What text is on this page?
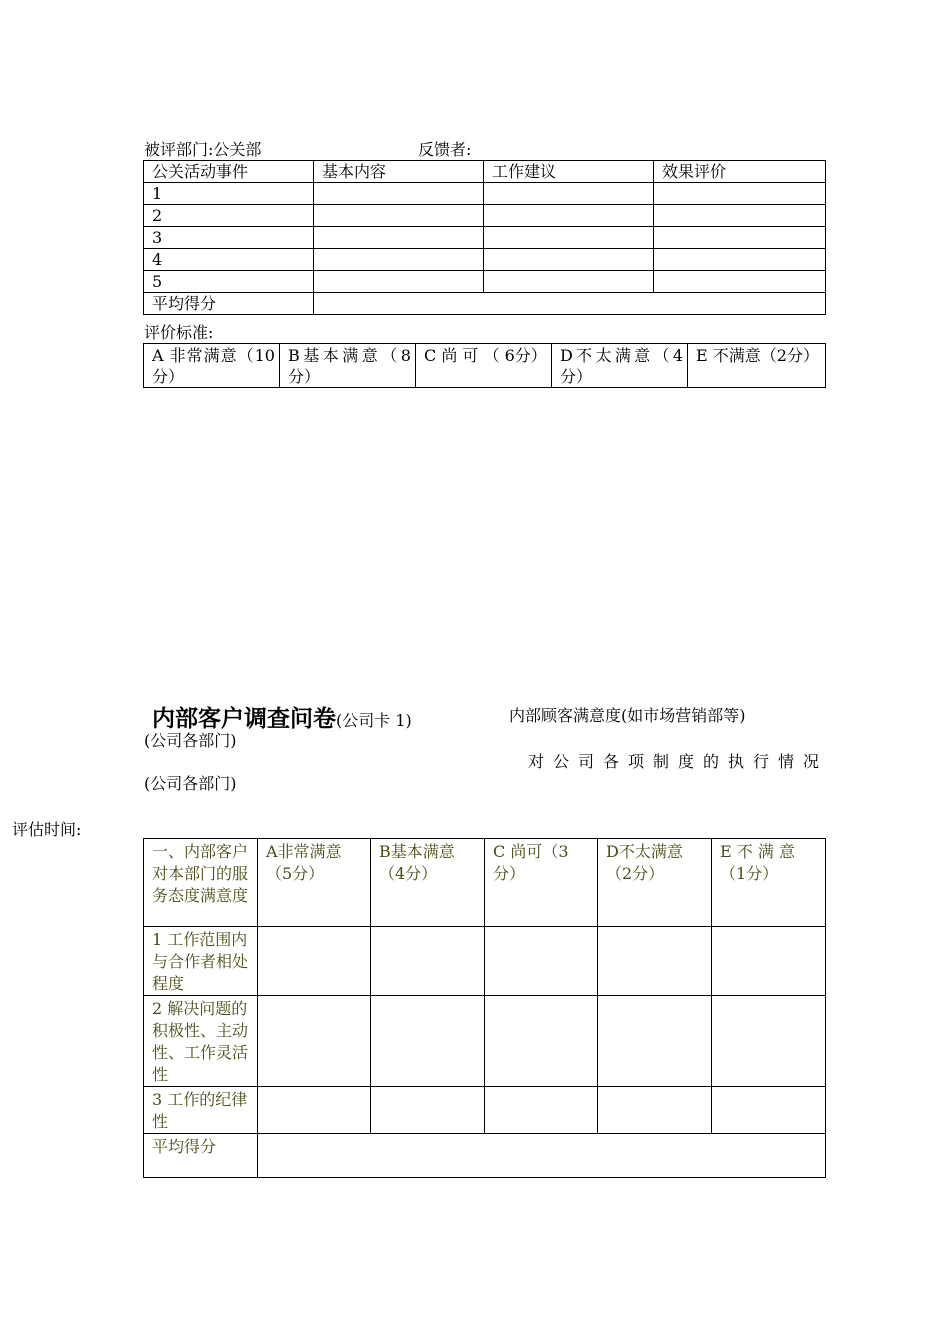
被评部门:公关部	反馈者:
公关活动事件	基本内容	工作建议	效果评价
1			
2			
3			
4			
5			
平均得分			
评价标准:
A 非常满意（10分）	B基本满意（8分）	C 尚 可 （ 6分）	D不太满意（4分）	E 不满意（2分）
内部客户调查问卷(公司卡 1)	内部顾客满意度(如市场营销部等)
(公司各部门)
对公司各项制度的执行情况
(公司各部门)
评估时间:
一、内部客户对本部门的服务态度满意度	A非常满意（5分）	B基本满意（4分）	C 尚可（3分）	D不太满意（2分）	E 不 满 意（1分）
1 工作范围内与合作者相处程度					
2 解决问题的积极性、主动性、工作灵活性					
3 工作的纪律性					
平均得分					
